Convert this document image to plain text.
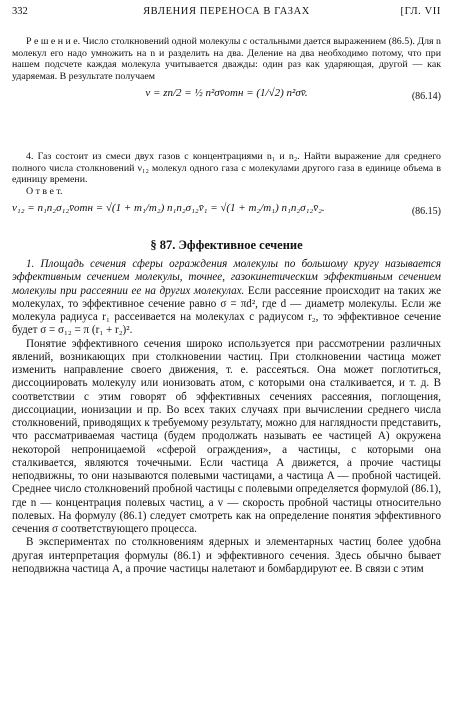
332	ЯВЛЕНИЯ ПЕРЕНОСА В ГАЗАХ	[ГЛ. VII

Р е ш е н и е. Число столкновений одной молекулы с остальными дается выражением (86.5). Для n молекул его надо умножить на n и разделить на два. Деление на два необходимо потому, что при нашем подсчете каждая молекула учитывается дважды: один раз как ударяющая, другой — как ударяемая. В результате получаем

ν = zn/2 = ½ n²σv̄отн = (1/√2) n²σv̄.	(86.14)

4. Газ состоит из смеси двух газов с концентрациями n₁ и n₂. Найти выражение для среднего полного числа столкновений ν₁₂ молекул одного газа с молекулами другого газа в единице объема в единицу времени.

О т в е т.

ν₁₂ = n₁n₂σ₁₂v̄отн = √(1 + m₁/m₂) n₁n₂σ₁₂v̄₁ = √(1 + m₂/m₁) n₁n₂σ₁₂v̄₂.	(86.15)
§ 87. Эффективное сечение

1. Площадь сечения сферы ограждения молекулы по большому кругу называется эффективным сечением молекулы, точнее, газокинетическим эффективным сечением молекулы при рассеянии ее на других молекулах. Если рассеяние происходит на таких же молекулах, то эффективное сечение равно σ = πd², где d — диаметр молекулы. Если же молекула радиуса r₁ рассеивается на молекулах с радиусом r₂, то эффективное сечение будет σ = σ₁₂ = π (r₁ + r₂)².

Понятие эффективного сечения широко используется при рассмотрении различных явлений, возникающих при столкновении частиц. При столкновении частица может изменить направление своего движения, т. е. рассеяться. Она может поглотиться, диссоциировать молекулу или ионизовать атом, с которыми она сталкивается, и т. д. В соответствии с этим говорят об эффективных сечениях рассеяния, поглощения, диссоциации, ионизации и пр. Во всех таких случаях при вычислении среднего числа столкновений, приводящих к требуемому результату, можно для наглядности представить, что рассматриваемая частица (будем продолжать называть ее частицей A) окружена некоторой непроницаемой «сферой ограждения», а частицы, с которыми она сталкивается, являются точечными. Если частица A движется, а прочие частицы неподвижны, то они называются полевыми частицами, а частица A — пробной частицей. Среднее число столкновений пробной частицы с полевыми определяется формулой (86.1), где n — концентрация полевых частиц, а v — скорость пробной частицы относительно полевых. На формулу (86.1) следует смотреть как на определение понятия эффективного сечения σ соответствующего процесса.

В экспериментах по столкновениям ядерных и элементарных частиц более удобна другая интерпретация формулы (86.1) и эффективного сечения. Здесь обычно бывает неподвижна частица A, а прочие частицы налетают и бомбардируют ее. В связи с этим
